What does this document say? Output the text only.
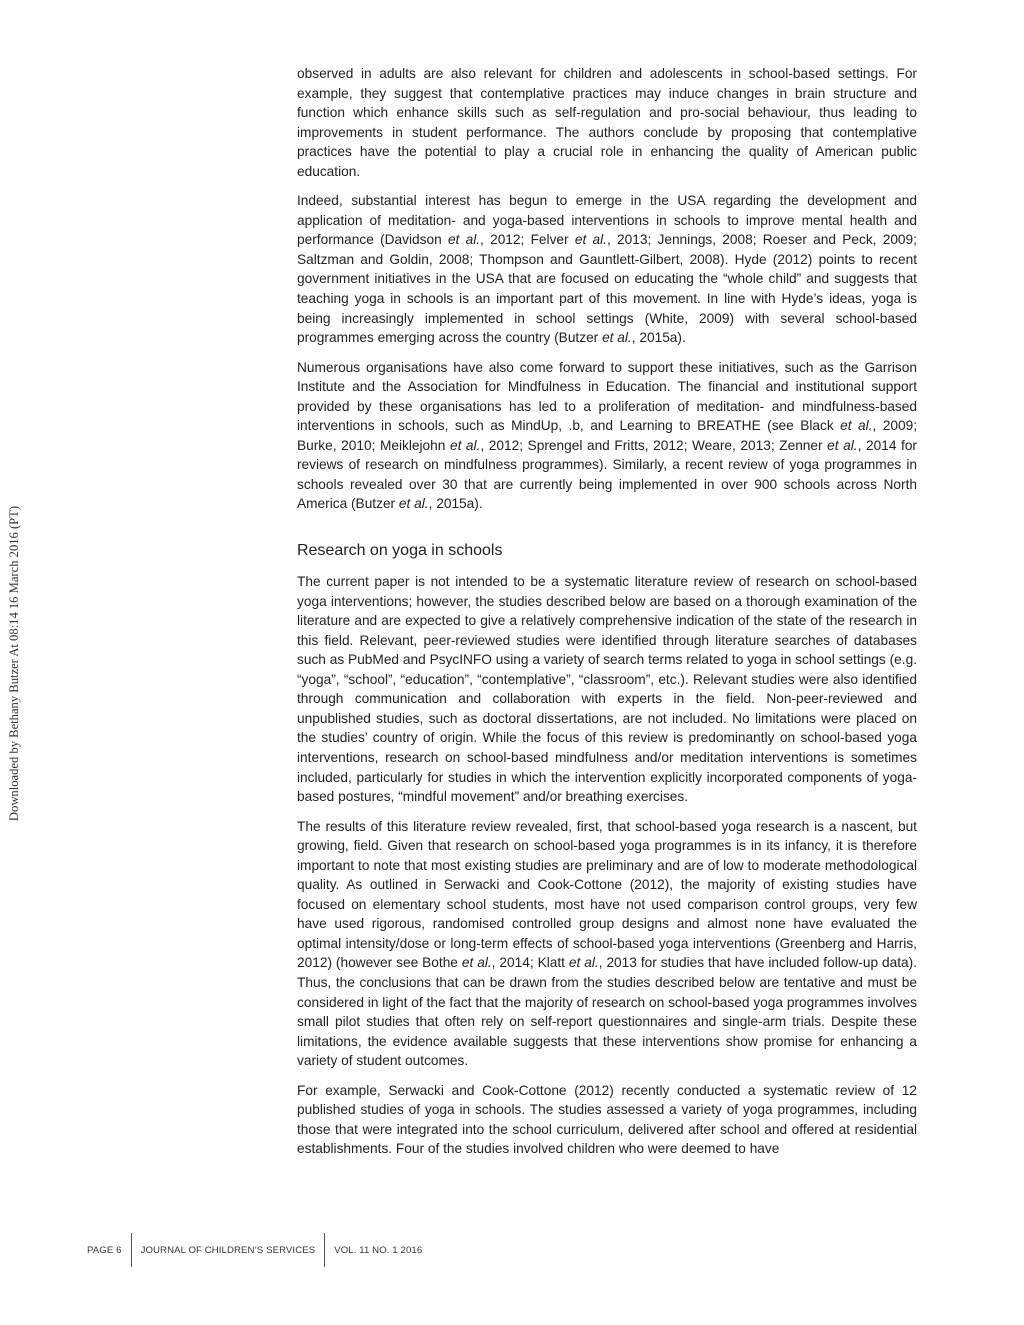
Downloaded by Bethany Butzer At 08:14 16 March 2016 (PT)

observed in adults are also relevant for children and adolescents in school-based settings. For example, they suggest that contemplative practices may induce changes in brain structure and function which enhance skills such as self-regulation and pro-social behaviour, thus leading to improvements in student performance. The authors conclude by proposing that contemplative practices have the potential to play a crucial role in enhancing the quality of American public education.

Indeed, substantial interest has begun to emerge in the USA regarding the development and application of meditation- and yoga-based interventions in schools to improve mental health and performance (Davidson et al., 2012; Felver et al., 2013; Jennings, 2008; Roeser and Peck, 2009; Saltzman and Goldin, 2008; Thompson and Gauntlett-Gilbert, 2008). Hyde (2012) points to recent government initiatives in the USA that are focused on educating the “whole child” and suggests that teaching yoga in schools is an important part of this movement. In line with Hyde’s ideas, yoga is being increasingly implemented in school settings (White, 2009) with several school-based programmes emerging across the country (Butzer et al., 2015a).

Numerous organisations have also come forward to support these initiatives, such as the Garrison Institute and the Association for Mindfulness in Education. The financial and institutional support provided by these organisations has led to a proliferation of meditation- and mindfulness-based interventions in schools, such as MindUp, .b, and Learning to BREATHE (see Black et al., 2009; Burke, 2010; Meiklejohn et al., 2012; Sprengel and Fritts, 2012; Weare, 2013; Zenner et al., 2014 for reviews of research on mindfulness programmes). Similarly, a recent review of yoga programmes in schools revealed over 30 that are currently being implemented in over 900 schools across North America (Butzer et al., 2015a).

Research on yoga in schools

The current paper is not intended to be a systematic literature review of research on school-based yoga interventions; however, the studies described below are based on a thorough examination of the literature and are expected to give a relatively comprehensive indication of the state of the research in this field. Relevant, peer-reviewed studies were identified through literature searches of databases such as PubMed and PsycINFO using a variety of search terms related to yoga in school settings (e.g. “yoga”, “school”, “education”, “contemplative”, “classroom”, etc.). Relevant studies were also identified through communication and collaboration with experts in the field. Non-peer-reviewed and unpublished studies, such as doctoral dissertations, are not included. No limitations were placed on the studies’ country of origin. While the focus of this review is predominantly on school-based yoga interventions, research on school-based mindfulness and/or meditation interventions is sometimes included, particularly for studies in which the intervention explicitly incorporated components of yoga-based postures, “mindful movement” and/or breathing exercises.

The results of this literature review revealed, first, that school-based yoga research is a nascent, but growing, field. Given that research on school-based yoga programmes is in its infancy, it is therefore important to note that most existing studies are preliminary and are of low to moderate methodological quality. As outlined in Serwacki and Cook-Cottone (2012), the majority of existing studies have focused on elementary school students, most have not used comparison control groups, very few have used rigorous, randomised controlled group designs and almost none have evaluated the optimal intensity/dose or long-term effects of school-based yoga interventions (Greenberg and Harris, 2012) (however see Bothe et al., 2014; Klatt et al., 2013 for studies that have included follow-up data). Thus, the conclusions that can be drawn from the studies described below are tentative and must be considered in light of the fact that the majority of research on school-based yoga programmes involves small pilot studies that often rely on self-report questionnaires and single-arm trials. Despite these limitations, the evidence available suggests that these interventions show promise for enhancing a variety of student outcomes.

For example, Serwacki and Cook-Cottone (2012) recently conducted a systematic review of 12 published studies of yoga in schools. The studies assessed a variety of yoga programmes, including those that were integrated into the school curriculum, delivered after school and offered at residential establishments. Four of the studies involved children who were deemed to have

PAGE 6 JOURNAL OF CHILDREN’S SERVICES VOL. 11 NO. 1 2016
